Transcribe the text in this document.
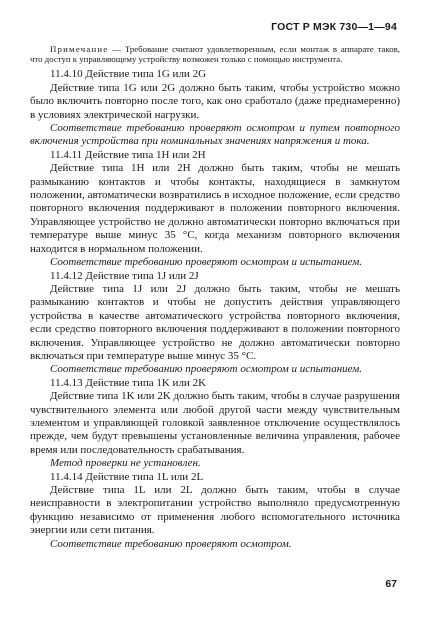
ГОСТ Р МЭК 730—1—94

Примечание — Требование считают удовлетворенным, если монтаж в аппарате таков, что доступ к управляющему устройству возможен только с помощью инструмента.

11.4.10 Действие типа 1G или 2G

Действие типа 1G или 2G должно быть таким, чтобы устройство можно было включить повторно после того, как оно сработало (даже преднамеренно) в условиях электрической нагрузки.

Соответствие требованию проверяют осмотром и путем повторного включения устройства при номинальных значениях напряжения и тока.

11.4.11 Действие типа 1H или 2H

Действие типа 1H или 2H должно быть таким, чтобы не мешать размыканию контактов и чтобы контакты, находящиеся в замкнутом положении, автоматически возвратились в исходное положение, если средство повторного включения поддерживают в положении повторного включения. Управляющее устройство не должно автоматически повторно включаться при температуре выше минус 35 °С, когда механизм повторного включения находится в нормальном положении.

Соответствие требованию проверяют осмотром и испытанием.

11.4.12 Действие типа 1J или 2J

Действие типа 1J или 2J должно быть таким, чтобы не мешать размыканию контактов и чтобы не допустить действия управляющего устройства в качестве автоматического устройства повторного включения, если средство повторного включения поддерживают в положении повторного включения. Управляющее устройство не должно автоматически повторно включаться при температуре выше минус 35 °С.

Соответствие требованию проверяют осмотром и испытанием.

11.4.13 Действие типа 1K или 2K

Действие типа 1K или 2K должно быть таким, чтобы в случае разрушения чувствительного элемента или любой другой части между чувствительным элементом и управляющей головкой заявленное отключение осуществлялось прежде, чем будут превышены установленные величина управления, рабочее время или последовательность срабатывания.

Метод проверки не установлен.

11.4.14 Действие типа 1L или 2L

Действие типа 1L или 2L должно быть таким, чтобы в случае неисправности в электропитании устройство выполняло предусмотренную функцию независимо от применения любого вспомогательного источника энергии или сети питания.

Соответствие требованию проверяют осмотром.

67
